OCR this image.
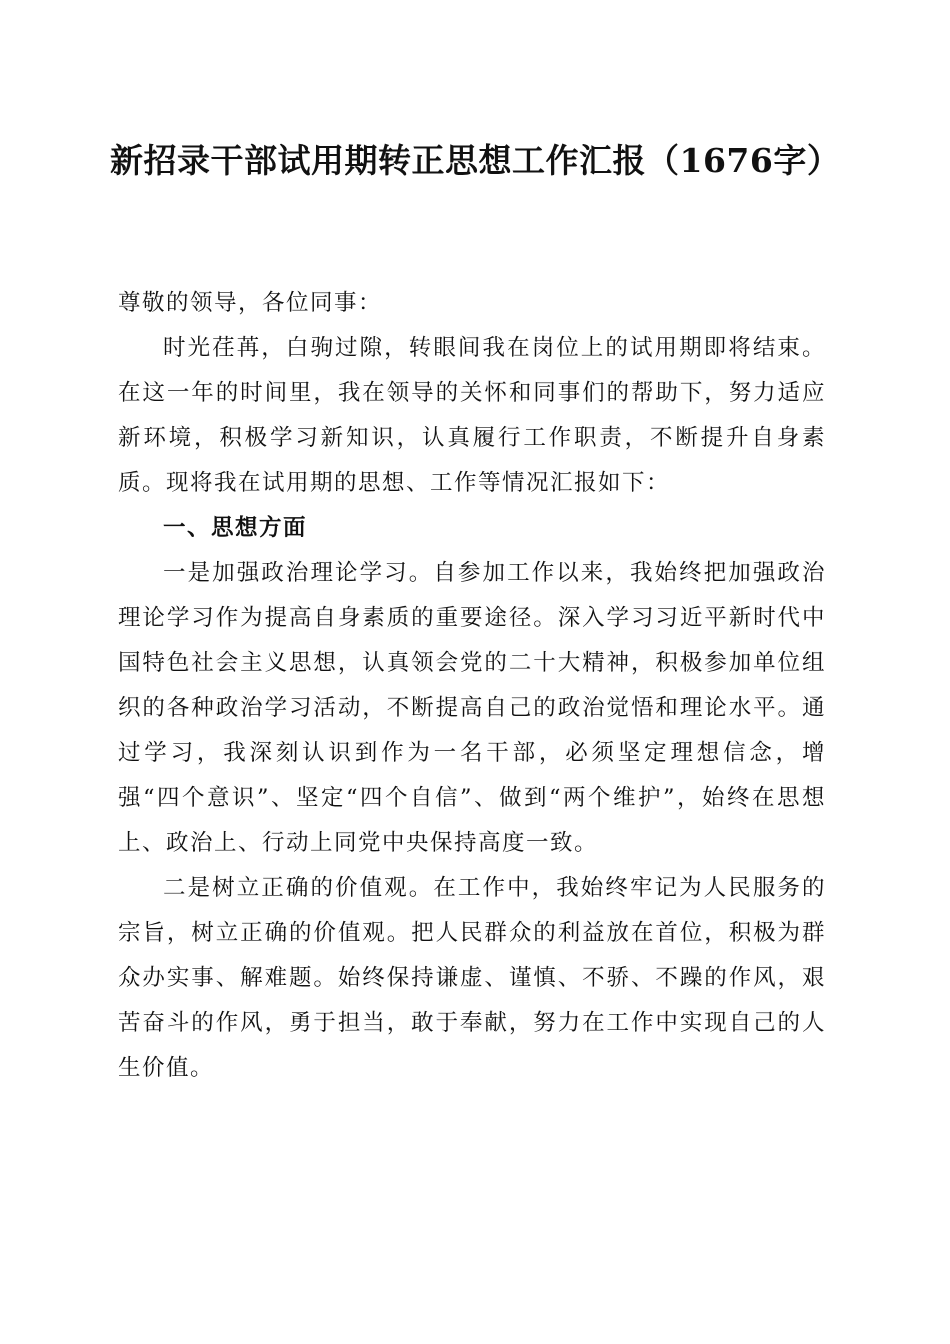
新招录干部试用期转正思想工作汇报（1676字）

尊敬的领导，各位同事：

时光荏苒，白驹过隙，转眼间我在岗位上的试用期即将结束。在这一年的时间里，我在领导的关怀和同事们的帮助下，努力适应新环境，积极学习新知识，认真履行工作职责，不断提升自身素质。现将我在试用期的思想、工作等情况汇报如下：

一、思想方面

一是加强政治理论学习。自参加工作以来，我始终把加强政治理论学习作为提高自身素质的重要途径。深入学习习近平新时代中国特色社会主义思想，认真领会党的二十大精神，积极参加单位组织的各种政治学习活动，不断提高自己的政治觉悟和理论水平。通过学习，我深刻认识到作为一名干部，必须坚定理想信念，增强“四个意识”、坚定“四个自信”、做到“两个维护”，始终在思想上、政治上、行动上同党中央保持高度一致。

二是树立正确的价值观。在工作中，我始终牢记为人民服务的宗旨，树立正确的价值观。把人民群众的利益放在首位，积极为群众办实事、解难题。始终保持谦虚、谨慎、不骄、不躁的作风，艰苦奋斗的作风，勇于担当，敢于奉献，努力在工作中实现自己的人生价值。
